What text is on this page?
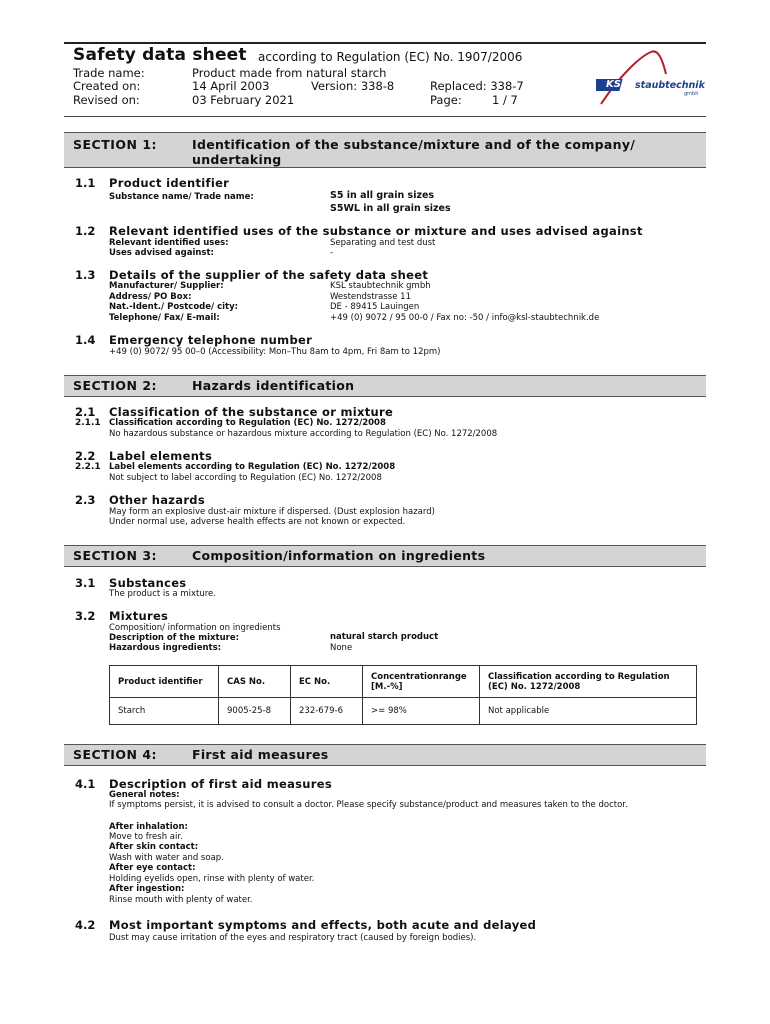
Safety data sheet according to Regulation (EC) No. 1907/2006
Trade name:	Product made from natural starch
Created on:	14 April 2003	Version: 338-8	Replaced: 338-7
Revised on:	03 February 2021	Page:	1 / 7
KSL staubtechnik
gmbh
SECTION 1:	Identification of the substance/mixture and of the company/ undertaking
1.1 Product identifier
Substance name/ Trade name:	S5 in all grain sizes
S5WL in all grain sizes
1.2 Relevant identified uses of the substance or mixture and uses advised against
Relevant identified uses:	Separating and test dust
Uses advised against:	-
1.3 Details of the supplier of the safety data sheet
Manufacturer/ Supplier:	KSL staubtechnik gmbh
Address/ PO Box:	Westendstrasse 11
Nat.-Ident./ Postcode/ city:	DE - 89415 Lauingen
Telephone/ Fax/ E-mail:	+49 (0) 9072 / 95 00-0 / Fax no: -50 / info@ksl-staubtechnik.de
1.4 Emergency telephone number
+49 (0) 9072/ 95 00–0 (Accessibility: Mon–Thu 8am to 4pm, Fri 8am to 12pm)
SECTION 2:	Hazards identification
2.1 Classification of the substance or mixture
2.1.1 Classification according to Regulation (EC) No. 1272/2008
No hazardous substance or hazardous mixture according to Regulation (EC) No. 1272/2008
2.2 Label elements
2.2.1 Label elements according to Regulation (EC) No. 1272/2008
Not subject to label according to Regulation (EC) No. 1272/2008
2.3 Other hazards
May form an explosive dust-air mixture if dispersed. (Dust explosion hazard)
Under normal use, adverse health effects are not known or expected.
SECTION 3:	Composition/information on ingredients
3.1 Substances
The product is a mixture.
3.2 Mixtures
Composition/ information on ingredients
Description of the mixture:	natural starch product
Hazardous ingredients:	None
Product identifier	CAS No.	EC No.	Concentrationrange [M.-%]	Classification according to Regulation (EC) No. 1272/2008
Starch	9005-25-8	232-679-6	>= 98%	Not applicable
SECTION 4:	First aid measures
4.1 Description of first aid measures
General notes:
If symptoms persist, it is advised to consult a doctor. Please specify substance/product and measures taken to the doctor.
After inhalation:
Move to fresh air.
After skin contact:
Wash with water and soap.
After eye contact:
Holding eyelids open, rinse with plenty of water.
After ingestion:
Rinse mouth with plenty of water.
4.2 Most important symptoms and effects, both acute and delayed
Dust may cause irritation of the eyes and respiratory tract (caused by foreign bodies).
